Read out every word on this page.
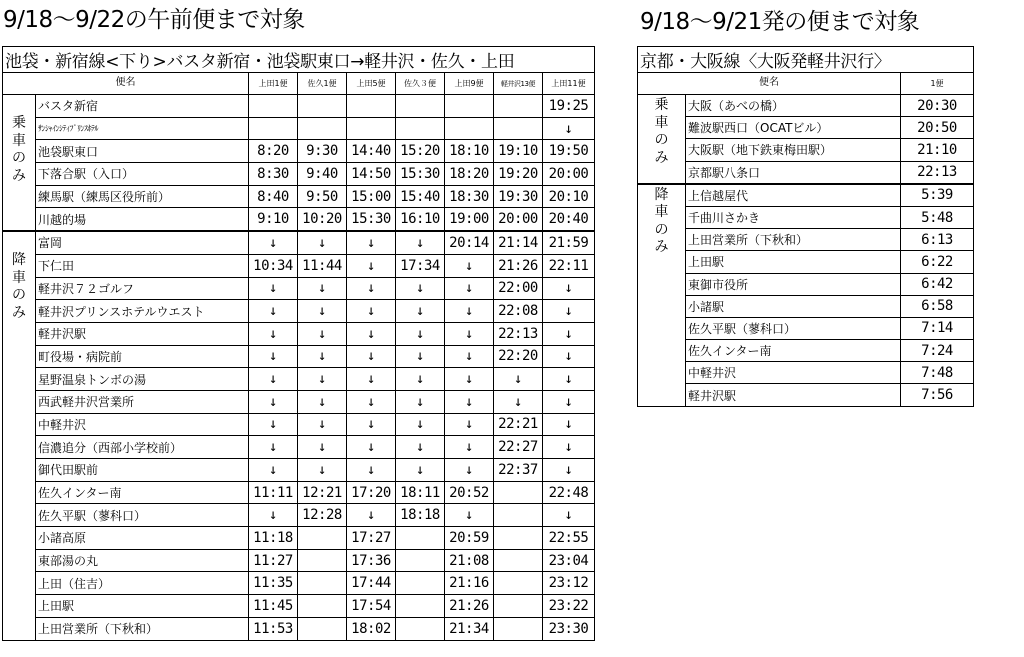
9/18〜9/22の午前便まで対象	9/18〜9/21発の便まで対象
池袋・新宿線<下り>バスタ新宿・池袋駅東口→軽井沢・佐久・上田								
便名		上田1便	佐久1便	上田5便	佐久３便	上田9便	軽井沢13便	上田11便

乗
車
の
み	バスタ新宿							19:25
	ｻﾝｼｬｲﾝｼﾃｨﾌﾟﾘﾝｽﾎﾃﾙ							↓
	池袋駅東口	8:20	9:30	14:40	15:20	18:10	19:10	19:50
	下落合駅（入口）	8:30	9:40	14:50	15:30	18:20	19:20	20:00
	練馬駅（練馬区役所前）	8:40	9:50	15:00	15:40	18:30	19:30	20:10
	川越的場	9:10	10:20	15:30	16:10	19:00	20:00	20:40

降
車
の
み	富岡	↓	↓	↓	↓	20:14	21:14	21:59
	下仁田	10:34	11:44	↓	17:34	↓	21:26	22:11
	軽井沢７２ゴルフ	↓	↓	↓	↓	↓	22:00	↓
	軽井沢プリンスホテルウエスト	↓	↓	↓	↓	↓	22:08	↓
	軽井沢駅	↓	↓	↓	↓	↓	22:13	↓
	町役場・病院前	↓	↓	↓	↓	↓	22:20	↓
	星野温泉トンボの湯	↓	↓	↓	↓	↓	↓	↓
	西武軽井沢営業所	↓	↓	↓	↓	↓	↓	↓
	中軽井沢	↓	↓	↓	↓	↓	22:21	↓
	信濃追分（西部小学校前）	↓	↓	↓	↓	↓	22:27	↓
	御代田駅前	↓	↓	↓	↓	↓	22:37	↓
	佐久インター南	11:11	12:21	17:20	18:11	20:52		22:48
	佐久平駅（蓼科口）	↓	12:28	↓	18:18	↓		↓
	小諸高原	11:18		17:27		20:59		22:55
	東部湯の丸	11:27		17:36		21:08		23:04
	上田（住吉）	11:35		17:44		21:16		23:12
	上田駅	11:45		17:54		21:26		23:22
	上田営業所（下秋和）	11:53		18:02		21:34		23:30
京都・大阪線〈大阪発軽井沢行〉		
便名		1便

乗
車
の
み	大阪（あべの橋）	20:30
	難波駅西口（OCATビル）	20:50
	大阪駅（地下鉄東梅田駅）	21:10
	京都駅八条口	22:13

降
車
の
み	上信越屋代	5:39
	千曲川さかき	5:48
	上田営業所（下秋和）	6:13
	上田駅	6:22
	東御市役所	6:42
	小諸駅	6:58
	佐久平駅（蓼科口）	7:14
	佐久インター南	7:24
	中軽井沢	7:48
	軽井沢駅	7:56
